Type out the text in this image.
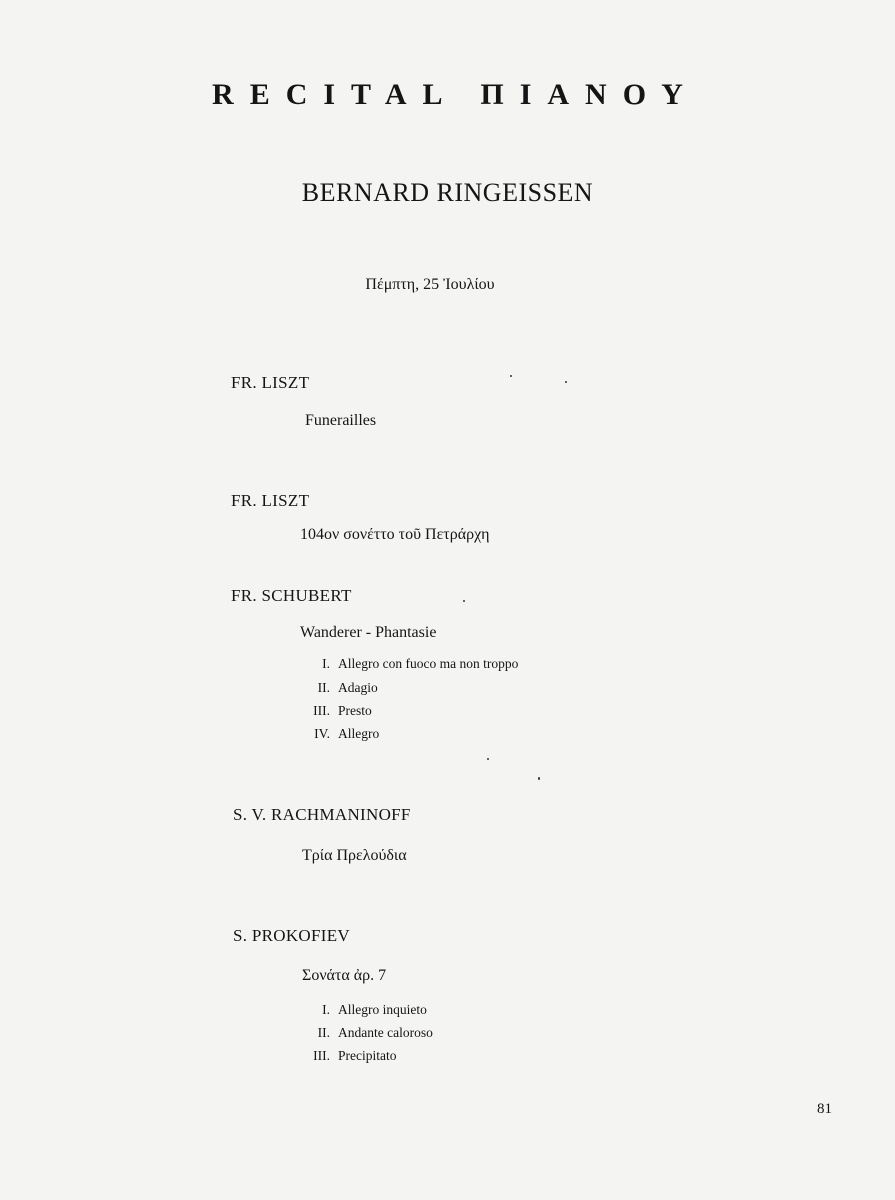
RECITAL ΠΙΑΝΟΥ
BERNARD RINGEISSEN
Πέμπτη, 25 Ἰουλίου
FR. LISZT
Funerailles
FR. LISZT
104ον σονέττο τοῦ Πετράρχη
FR. SCHUBERT
Wanderer - Phantasie
I. Allegro con fuoco ma non troppo
II. Adagio
III. Presto
IV. Allegro
S. V. RACHMANINOFF
Τρία Πρελούδια
S. PROKOFIEV
Σονάτα ἀρ. 7
I. Allegro inquieto
II. Andante caloroso
III. Precipitato
81
